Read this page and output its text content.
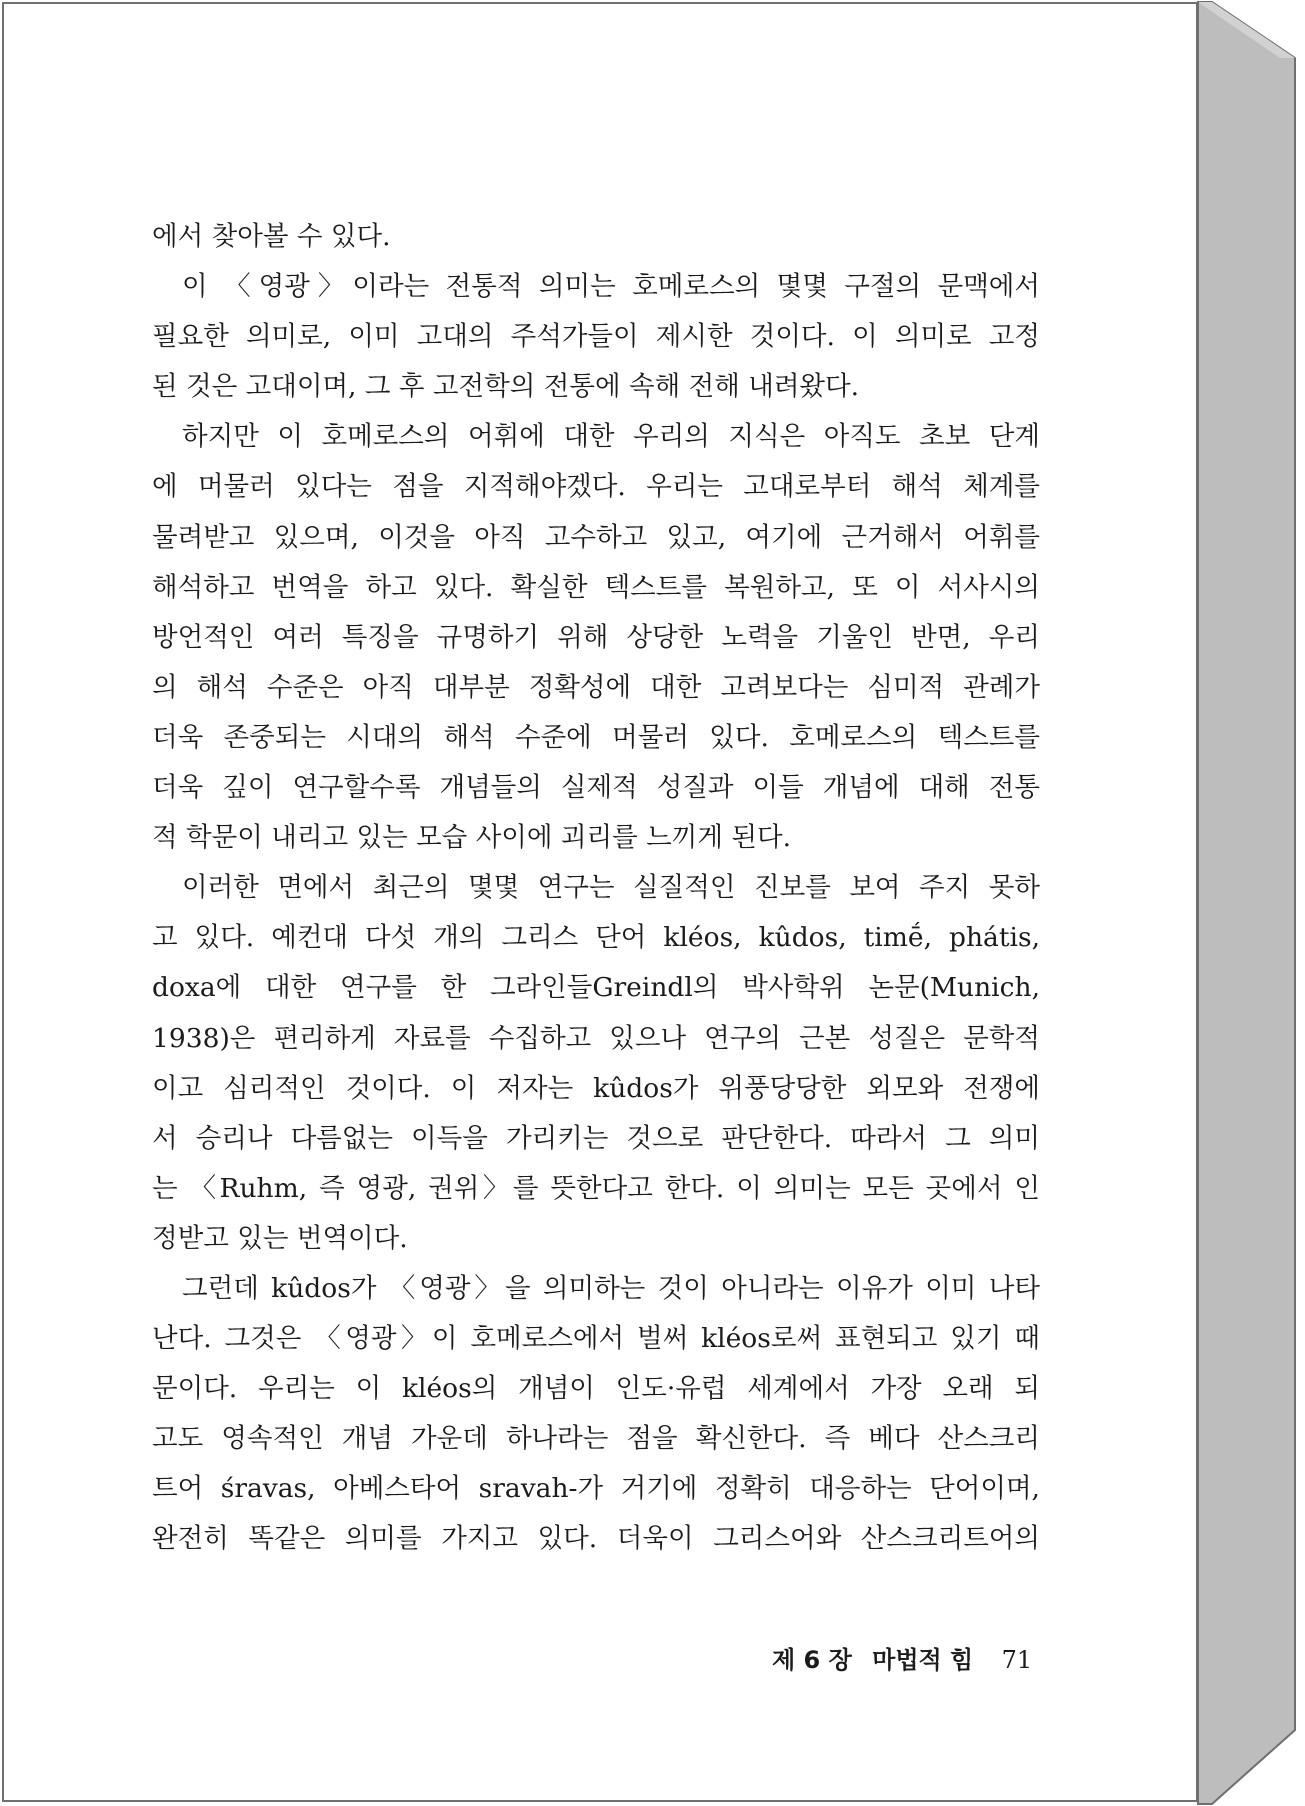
에서 찾아볼 수 있다.
이 〈영광〉이라는 전통적 의미는 호메로스의 몇몇 구절의 문맥에서
필요한 의미로, 이미 고대의 주석가들이 제시한 것이다. 이 의미로 고정
된 것은 고대이며, 그 후 고전학의 전통에 속해 전해 내려왔다.
하지만 이 호메로스의 어휘에 대한 우리의 지식은 아직도 초보 단계
에 머물러 있다는 점을 지적해야겠다. 우리는 고대로부터 해석 체계를
물려받고 있으며, 이것을 아직 고수하고 있고, 여기에 근거해서 어휘를
해석하고 번역을 하고 있다. 확실한 텍스트를 복원하고, 또 이 서사시의
방언적인 여러 특징을 규명하기 위해 상당한 노력을 기울인 반면, 우리
의 해석 수준은 아직 대부분 정확성에 대한 고려보다는 심미적 관례가
더욱 존중되는 시대의 해석 수준에 머물러 있다. 호메로스의 텍스트를
더욱 깊이 연구할수록 개념들의 실제적 성질과 이들 개념에 대해 전통
적 학문이 내리고 있는 모습 사이에 괴리를 느끼게 된다.
이러한 면에서 최근의 몇몇 연구는 실질적인 진보를 보여 주지 못하
고 있다. 예컨대 다섯 개의 그리스 단어 kléos, kûdos, timḗ, phátis,
doxa에 대한 연구를 한 그라인들Greindl의 박사학위 논문(Munich,
1938)은 편리하게 자료를 수집하고 있으나 연구의 근본 성질은 문학적
이고 심리적인 것이다. 이 저자는 kûdos가 위풍당당한 외모와 전쟁에
서 승리나 다름없는 이득을 가리키는 것으로 판단한다. 따라서 그 의미
는 〈Ruhm, 즉 영광, 권위〉를 뜻한다고 한다. 이 의미는 모든 곳에서 인
정받고 있는 번역이다.
그런데 kûdos가 〈영광〉을 의미하는 것이 아니라는 이유가 이미 나타
난다. 그것은 〈영광〉이 호메로스에서 벌써 kléos로써 표현되고 있기 때
문이다. 우리는 이 kléos의 개념이 인도·유럽 세계에서 가장 오래 되
고도 영속적인 개념 가운데 하나라는 점을 확신한다. 즉 베다 산스크리
트어 śravas, 아베스타어 sravah-가 거기에 정확히 대응하는 단어이며,
완전히 똑같은 의미를 가지고 있다. 더욱이 그리스어와 산스크리트어의
제 6 장 마법적 힘 71
